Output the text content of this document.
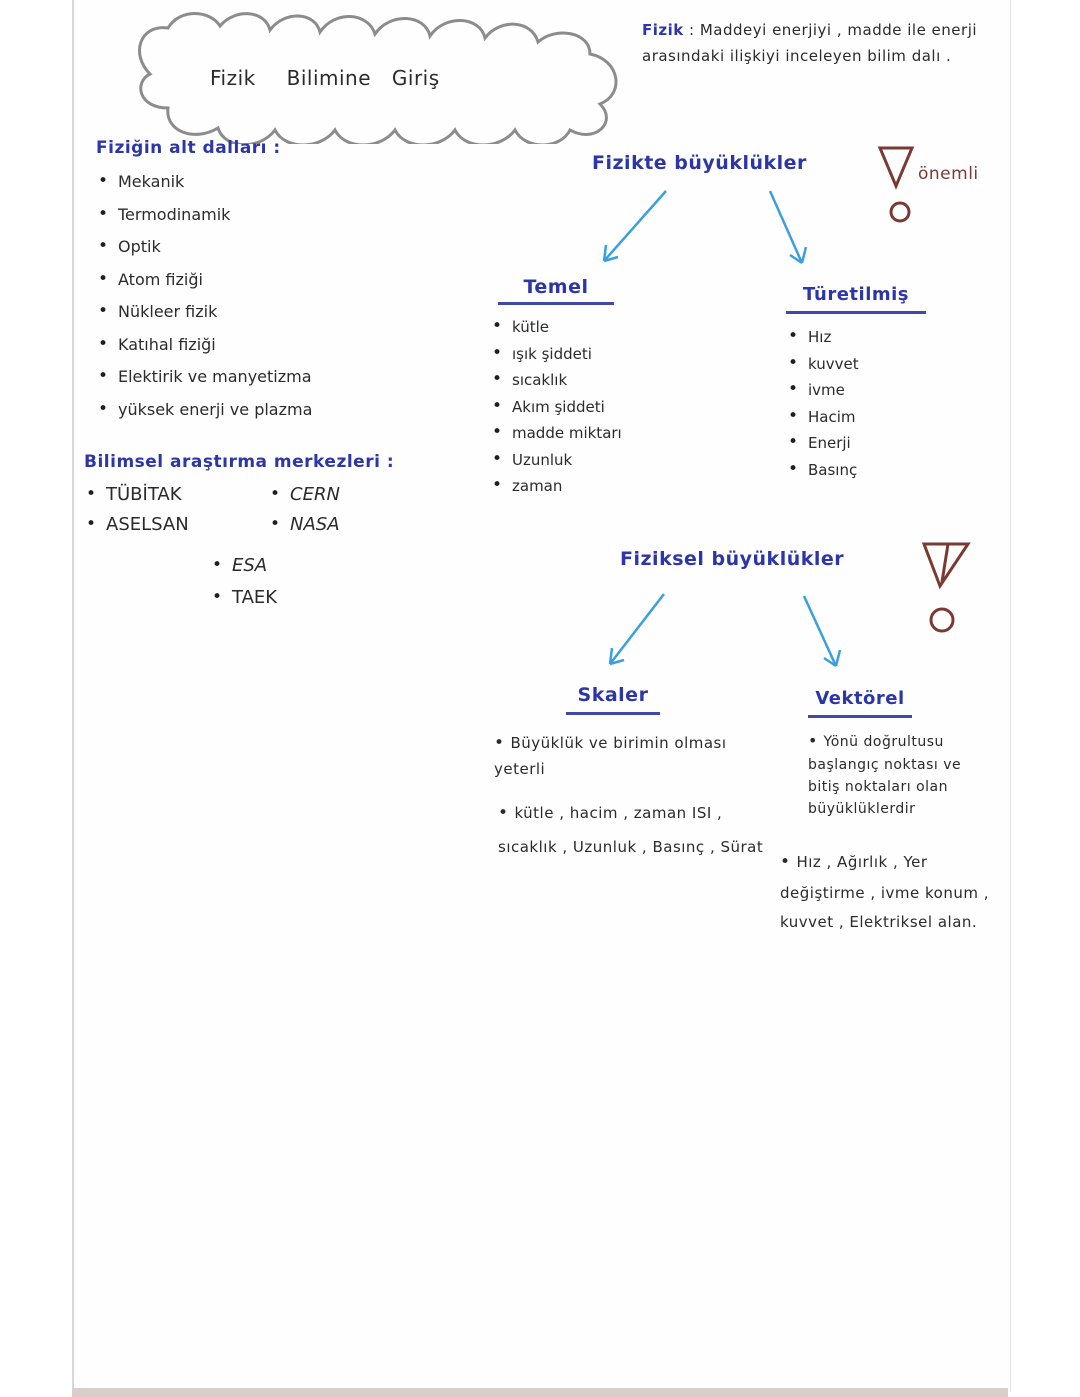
Fizik Bilimine Giriş
Fizik : Maddeyi enerjiyi , madde ile enerji arasındaki ilişkiyi inceleyen bilim dalı .
Fiziğin alt dalları :
• Mekanik
• Termodinamik
• Optik
• Atom fiziği
• Nükleer fizik
• Katıhal fiziği
• Elektirik ve manyetizma
• yüksek enerji ve plazma
Bilimsel araştırma merkezleri :
• TÜBİTAK
• ASELSAN
• CERN
• NASA
• ESA
• TAEK
Fizikte büyüklükler	önemli
Temel
• kütle
• ışık şiddeti
• sıcaklık
• Akım şiddeti
• madde miktarı
• Uzunluk
• zaman
Türetilmiş
• Hız
• kuvvet
• ivme
• Hacim
• Enerji
• Basınç
Fiziksel büyüklükler
Skaler
• Büyüklük ve birimin olması yeterli
• kütle , hacim , zaman ISI , sıcaklık , Uzunluk , Basınç , Sürat
Vektörel
• Yönü doğrultusu başlangıç noktası ve bitiş noktaları olan büyüklüklerdir
• Hız , Ağırlık , Yer değiştirme , ivme konum , kuvvet , Elektriksel alan.
